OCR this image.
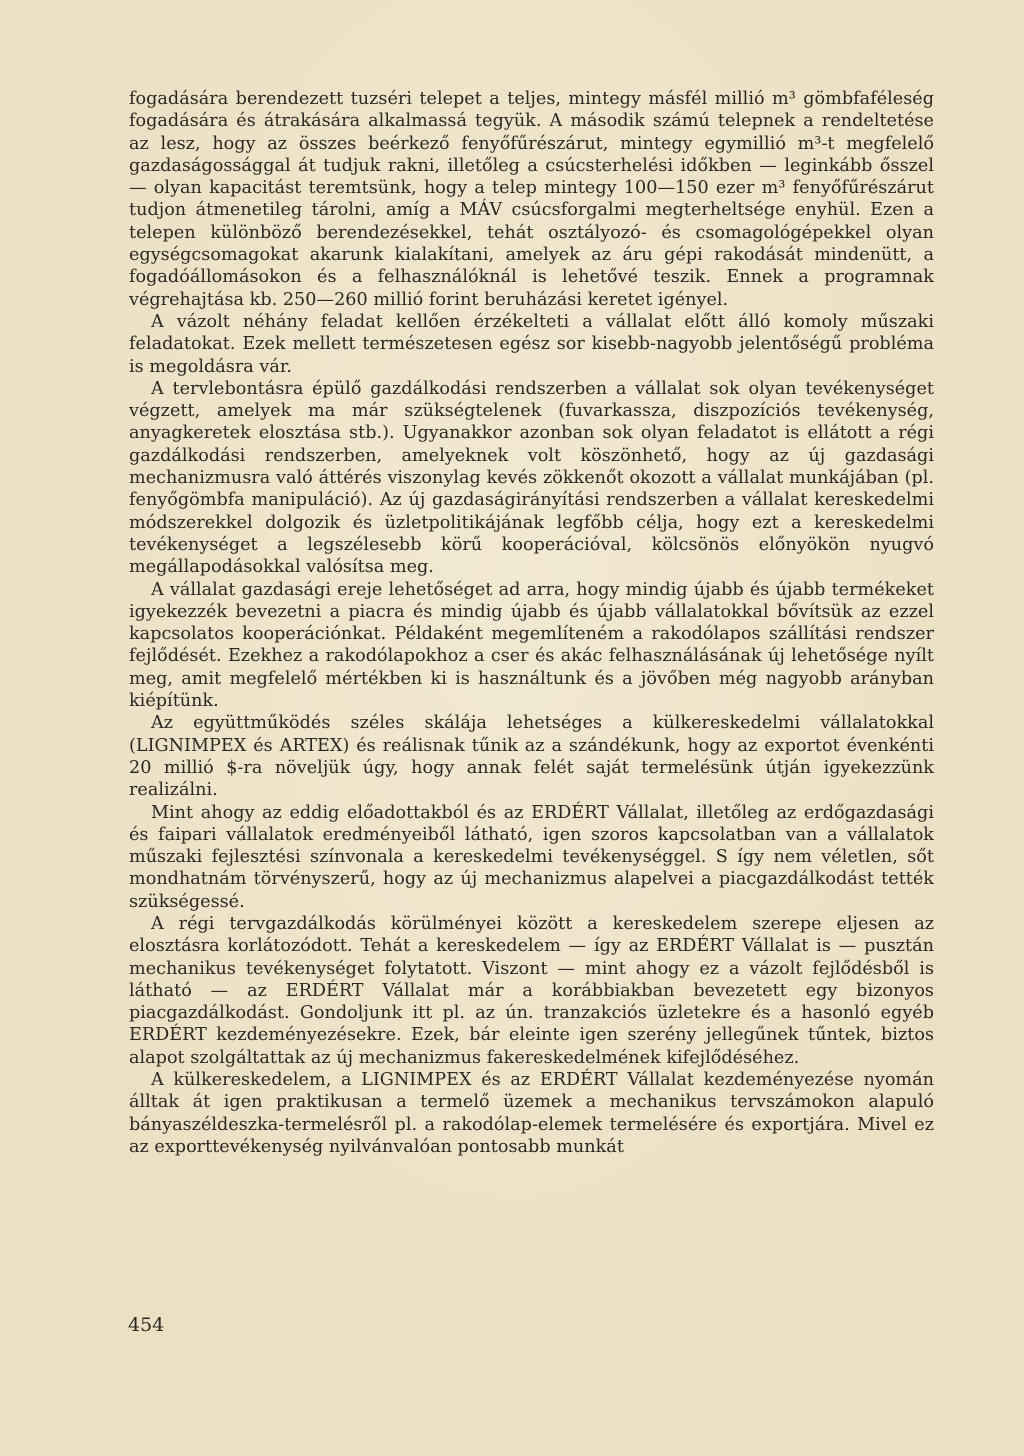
fogadására berendezett tuzséri telepet a teljes, mintegy másfél millió m³ gömbfaféleség fogadására és átrakására alkalmassá tegyük. A második számú telepnek a rendeltetése az lesz, hogy az összes beérkező fenyőfűrészárut, mintegy egymillió m³-t megfelelő gazdaságossággal át tudjuk rakni, illetőleg a csúcsterhelési időkben — leginkább ősszel — olyan kapacitást teremtsünk, hogy a telep mintegy 100—150 ezer m³ fenyőfűrészárut tudjon átmenetileg tárolni, amíg a MÁV csúcsforgalmi megterheltsége enyhül. Ezen a telepen különböző berendezésekkel, tehát osztályozó- és csomagológépekkel olyan egységcsomagokat akarunk kialakítani, amelyek az áru gépi rakodását mindenütt, a fogadóállomásokon és a felhasználóknál is lehetővé teszik. Ennek a programnak végrehajtása kb. 250—260 millió forint beruházási keretet igényel.

A vázolt néhány feladat kellően érzékelteti a vállalat előtt álló komoly műszaki feladatokat. Ezek mellett természetesen egész sor kisebb-nagyobb jelentőségű probléma is megoldásra vár.

A tervlebontásra épülő gazdálkodási rendszerben a vállalat sok olyan tevékenységet végzett, amelyek ma már szükségtelenek (fuvarkassza, diszpozíciós tevékenység, anyagkeretek elosztása stb.). Ugyanakkor azonban sok olyan feladatot is ellátott a régi gazdálkodási rendszerben, amelyeknek volt köszönhető, hogy az új gazdasági mechanizmusra való áttérés viszonylag kevés zökkenőt okozott a vállalat munkájában (pl. fenyőgömbfa manipuláció). Az új gazdaságirányítási rendszerben a vállalat kereskedelmi módszerekkel dolgozik és üzletpolitikájának legfőbb célja, hogy ezt a kereskedelmi tevékenységet a legszélesebb körű kooperációval, kölcsönös előnyökön nyugvó megállapodásokkal valósítsa meg.

A vállalat gazdasági ereje lehetőséget ad arra, hogy mindig újabb és újabb termékeket igyekezzék bevezetni a piacra és mindig újabb és újabb vállalatokkal bővítsük az ezzel kapcsolatos kooperációnkat. Példaként megemlíteném a rakodólapos szállítási rendszer fejlődését. Ezekhez a rakodólapokhoz a cser és akác felhasználásának új lehetősége nyílt meg, amit megfelelő mértékben ki is használtunk és a jövőben még nagyobb arányban kiépítünk.

Az együttműködés széles skálája lehetséges a külkereskedelmi vállalatokkal (LIGNIMPEX és ARTEX) és reálisnak tűnik az a szándékunk, hogy az exportot évenkénti 20 millió $-ra növeljük úgy, hogy annak felét saját termelésünk útján igyekezzünk realizálni.

Mint ahogy az eddig előadottakból és az ERDÉRT Vállalat, illetőleg az erdőgazdasági és faipari vállalatok eredményeiből látható, igen szoros kapcsolatban van a vállalatok műszaki fejlesztési színvonala a kereskedelmi tevékenységgel. S így nem véletlen, sőt mondhatnám törvényszerű, hogy az új mechanizmus alapelvei a piacgazdálkodást tették szükségessé.

A régi tervgazdálkodás körülményei között a kereskedelem szerepe eljesen az elosztásra korlátozódott. Tehát a kereskedelem — így az ERDÉRT Vállalat is — pusztán mechanikus tevékenységet folytatott. Viszont — mint ahogy ez a vázolt fejlődésből is látható — az ERDÉRT Vállalat már a korábbiakban bevezetett egy bizonyos piacgazdálkodást. Gondoljunk itt pl. az ún. tranzakciós üzletekre és a hasonló egyéb ERDÉRT kezdeményezésekre. Ezek, bár eleinte igen szerény jellegűnek tűntek, biztos alapot szolgáltattak az új mechanizmus fakereskedelmének kifejlődéséhez.

A külkereskedelem, a LIGNIMPEX és az ERDÉRT Vállalat kezdeményezése nyomán álltak át igen praktikusan a termelő üzemek a mechanikus tervszámokon alapuló bányaszéldeszka-termelésről pl. a rakodólap-elemek termelésére és exportjára. Mivel ez az exporttevékenység nyilvánvalóan pontosabb munkát

454
